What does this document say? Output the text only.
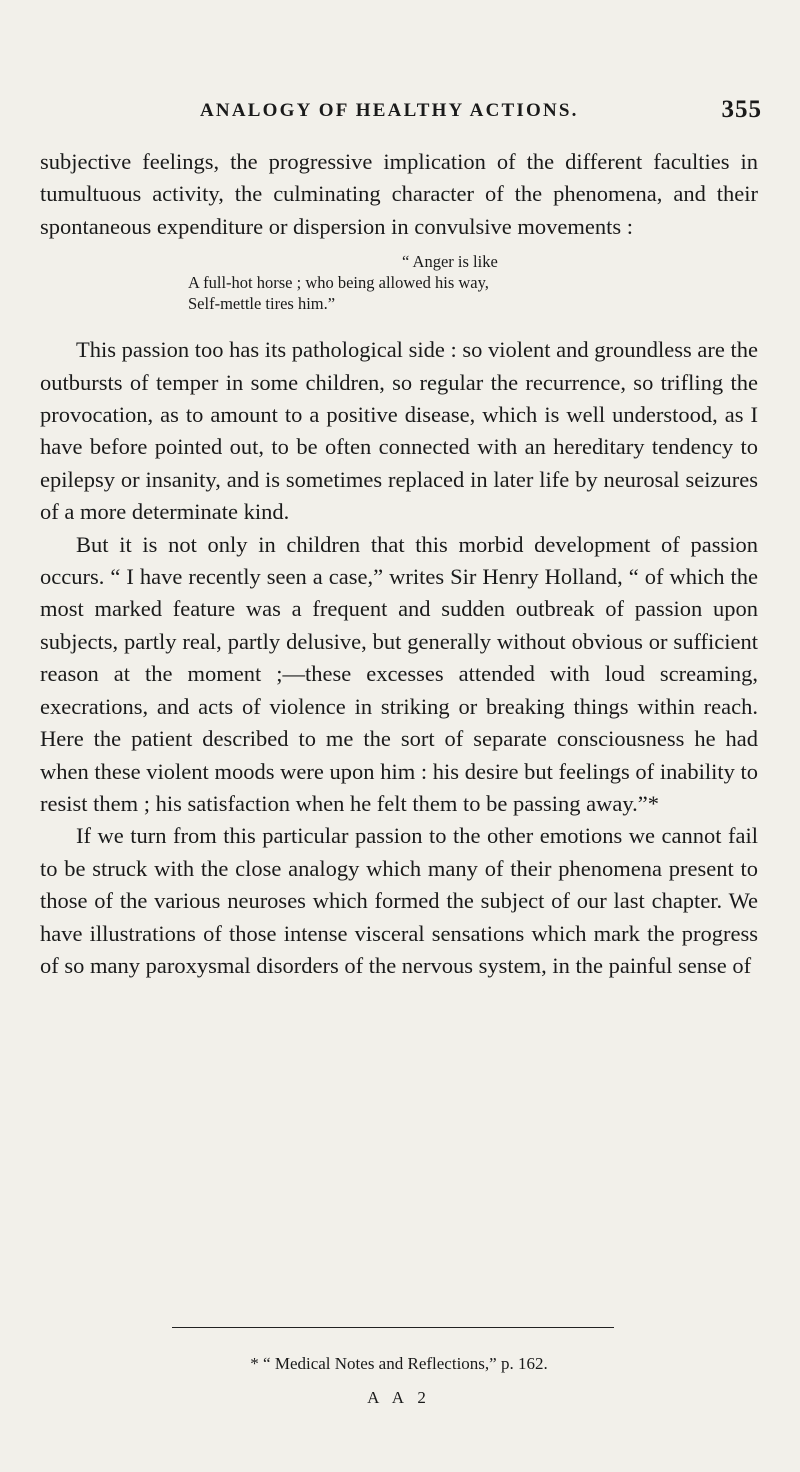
ANALOGY OF HEALTHY ACTIONS.	355

subjective feelings, the progressive implication of the different faculties in tumultuous activity, the culminating character of the phenomena, and their spontaneous expenditure or dispersion in convulsive movements :

“ Anger is like
A full-hot horse ; who being allowed his way,
Self-mettle tires him.”

This passion too has its pathological side : so violent and groundless are the outbursts of temper in some children, so regular the recurrence, so trifling the provocation, as to amount to a positive disease, which is well understood, as I have before pointed out, to be often connected with an hereditary tendency to epilepsy or insanity, and is sometimes replaced in later life by neurosal seizures of a more determinate kind.

But it is not only in children that this morbid development of passion occurs. “ I have recently seen a case,” writes Sir Henry Holland, “ of which the most marked feature was a frequent and sudden outbreak of passion upon subjects, partly real, partly delusive, but generally without obvious or sufficient reason at the moment ;—these excesses attended with loud screaming, execrations, and acts of violence in striking or breaking things within reach. Here the patient described to me the sort of separate consciousness he had when these violent moods were upon him : his desire but feelings of inability to resist them ; his satisfaction when he felt them to be passing away.”*

If we turn from this particular passion to the other emotions we cannot fail to be struck with the close analogy which many of their phenomena present to those of the various neuroses which formed the subject of our last chapter. We have illustrations of those intense visceral sensations which mark the progress of so many paroxysmal disorders of the nervous system, in the painful sense of

* “ Medical Notes and Reflections,” p. 162.
A A 2
